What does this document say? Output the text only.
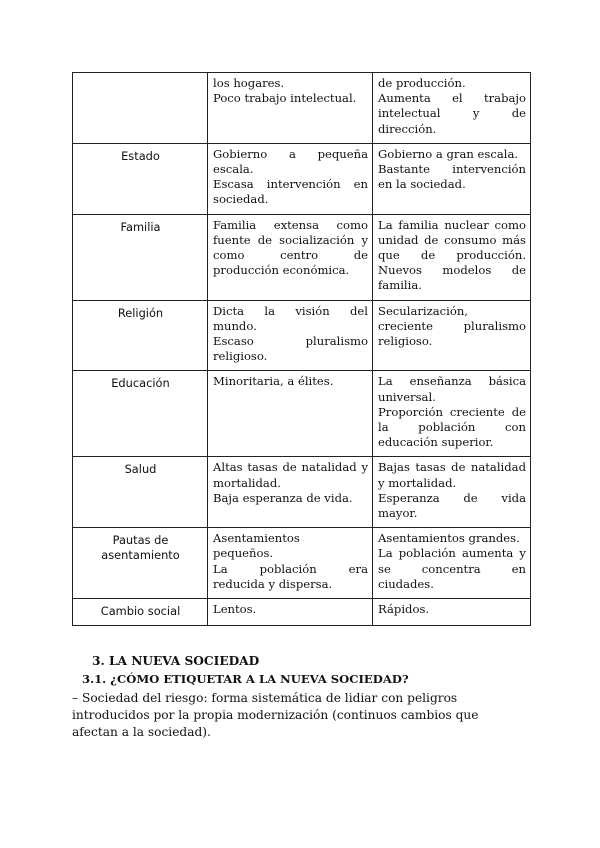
	los hogares.
Poco trabajo intelectual.	de producción.
Aumenta el trabajo
intelectual y de
dirección.

Estado	Gobierno a pequeña
escala.
Escasa intervención en
sociedad.	Gobierno a gran escala.
Bastante intervención
en la sociedad.

Familia	Familia extensa como
fuente de socialización y
como centro de
producción económica.	La familia nuclear como
unidad de consumo más
que de producción.
Nuevos modelos de
familia.

Religión	Dicta la visión del
mundo.
Escaso pluralismo
religioso.	Secularización,
creciente pluralismo
religioso.

Educación	Minoritaria, a élites.	La enseñanza básica
universal.
Proporción creciente de
la población con
educación superior.

Salud	Altas tasas de natalidad y
mortalidad.
Baja esperanza de vida.	Bajas tasas de natalidad
y mortalidad.
Esperanza de vida
mayor.

Pautas de asentamiento	Asentamientos
pequeños.
La población era
reducida y dispersa.	Asentamientos grandes.
La población aumenta y
se concentra en
ciudades.

Cambio social	Lentos.	Rápidos.
3. LA NUEVA SOCIEDAD
3.1. ¿CÓMO ETIQUETAR A LA NUEVA SOCIEDAD?
– Sociedad del riesgo: forma sistemática de lidiar con peligros introducidos por la propia modernización (continuos cambios que afectan a la sociedad).
